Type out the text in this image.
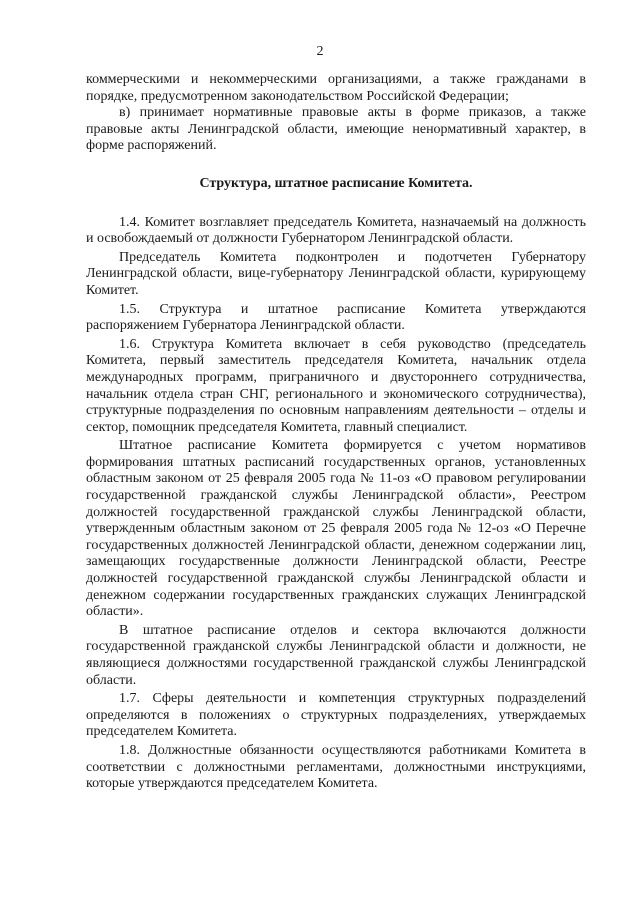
2

коммерческими и некоммерческими организациями, а также гражданами в порядке, предусмотренном законодательством Российской Федерации;

в) принимает нормативные правовые акты в форме приказов, а также правовые акты Ленинградской области, имеющие ненормативный характер, в форме распоряжений.

Структура, штатное расписание Комитета.

1.4. Комитет возглавляет председатель Комитета, назначаемый на должность и освобождаемый от должности Губернатором Ленинградской области.

Председатель Комитета подконтролен и подотчетен Губернатору Ленинградской области, вице-губернатору Ленинградской области, курирующему Комитет.

1.5. Структура и штатное расписание Комитета утверждаются распоряжением Губернатора Ленинградской области.

1.6. Структура Комитета включает в себя руководство (председатель Комитета, первый заместитель председателя Комитета, начальник отдела международных программ, приграничного и двустороннего сотрудничества, начальник отдела стран СНГ, регионального и экономического сотрудничества), структурные подразделения по основным направлениям деятельности – отделы и сектор, помощник председателя Комитета, главный специалист.

Штатное расписание Комитета формируется с учетом нормативов формирования штатных расписаний государственных органов, установленных областным законом от 25 февраля 2005 года № 11-оз «О правовом регулировании государственной гражданской службы Ленинградской области», Реестром должностей государственной гражданской службы Ленинградской области, утвержденным областным законом от 25 февраля 2005 года № 12-оз «О Перечне государственных должностей Ленинградской области, денежном содержании лиц, замещающих государственные должности Ленинградской области, Реестре должностей государственной гражданской службы Ленинградской области и денежном содержании государственных гражданских служащих Ленинградской области».

В штатное расписание отделов и сектора включаются должности государственной гражданской службы Ленинградской области и должности, не являющиеся должностями государственной гражданской службы Ленинградской области.

1.7. Сферы деятельности и компетенция структурных подразделений определяются в положениях о структурных подразделениях, утверждаемых председателем Комитета.

1.8. Должностные обязанности осуществляются работниками Комитета в соответствии с должностными регламентами, должностными инструкциями, которые утверждаются председателем Комитета.
